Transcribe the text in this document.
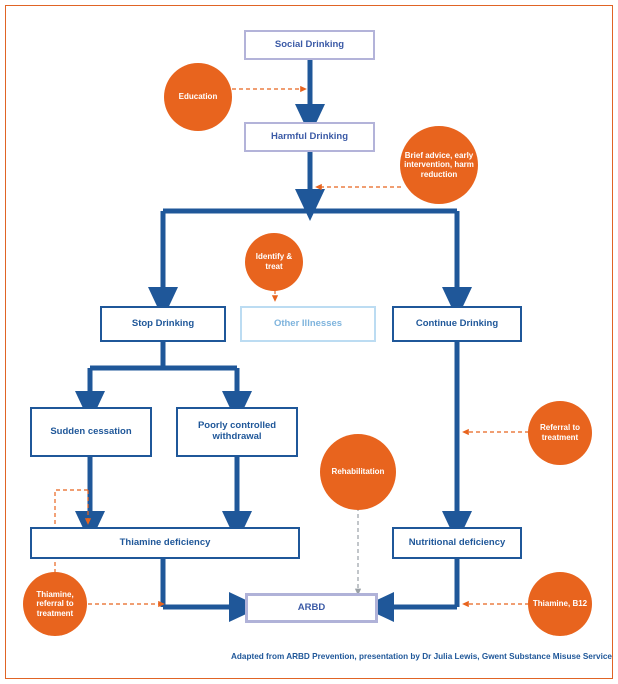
Social Drinking
Harmful Drinking
Stop Drinking	Other Illnesses	Continue Drinking
Sudden cessation	Poorly controlled withdrawal
Thiamine deficiency	Nutritional deficiency
ARBD
Education
Brief advice, early intervention, harm reduction
Identify & treat
Referral to treatment
Rehabilitation
Thiamine, referral to treatment
Thiamine, B12
Adapted from ARBD Prevention, presentation by Dr Julia Lewis, Gwent Substance Misuse Service
